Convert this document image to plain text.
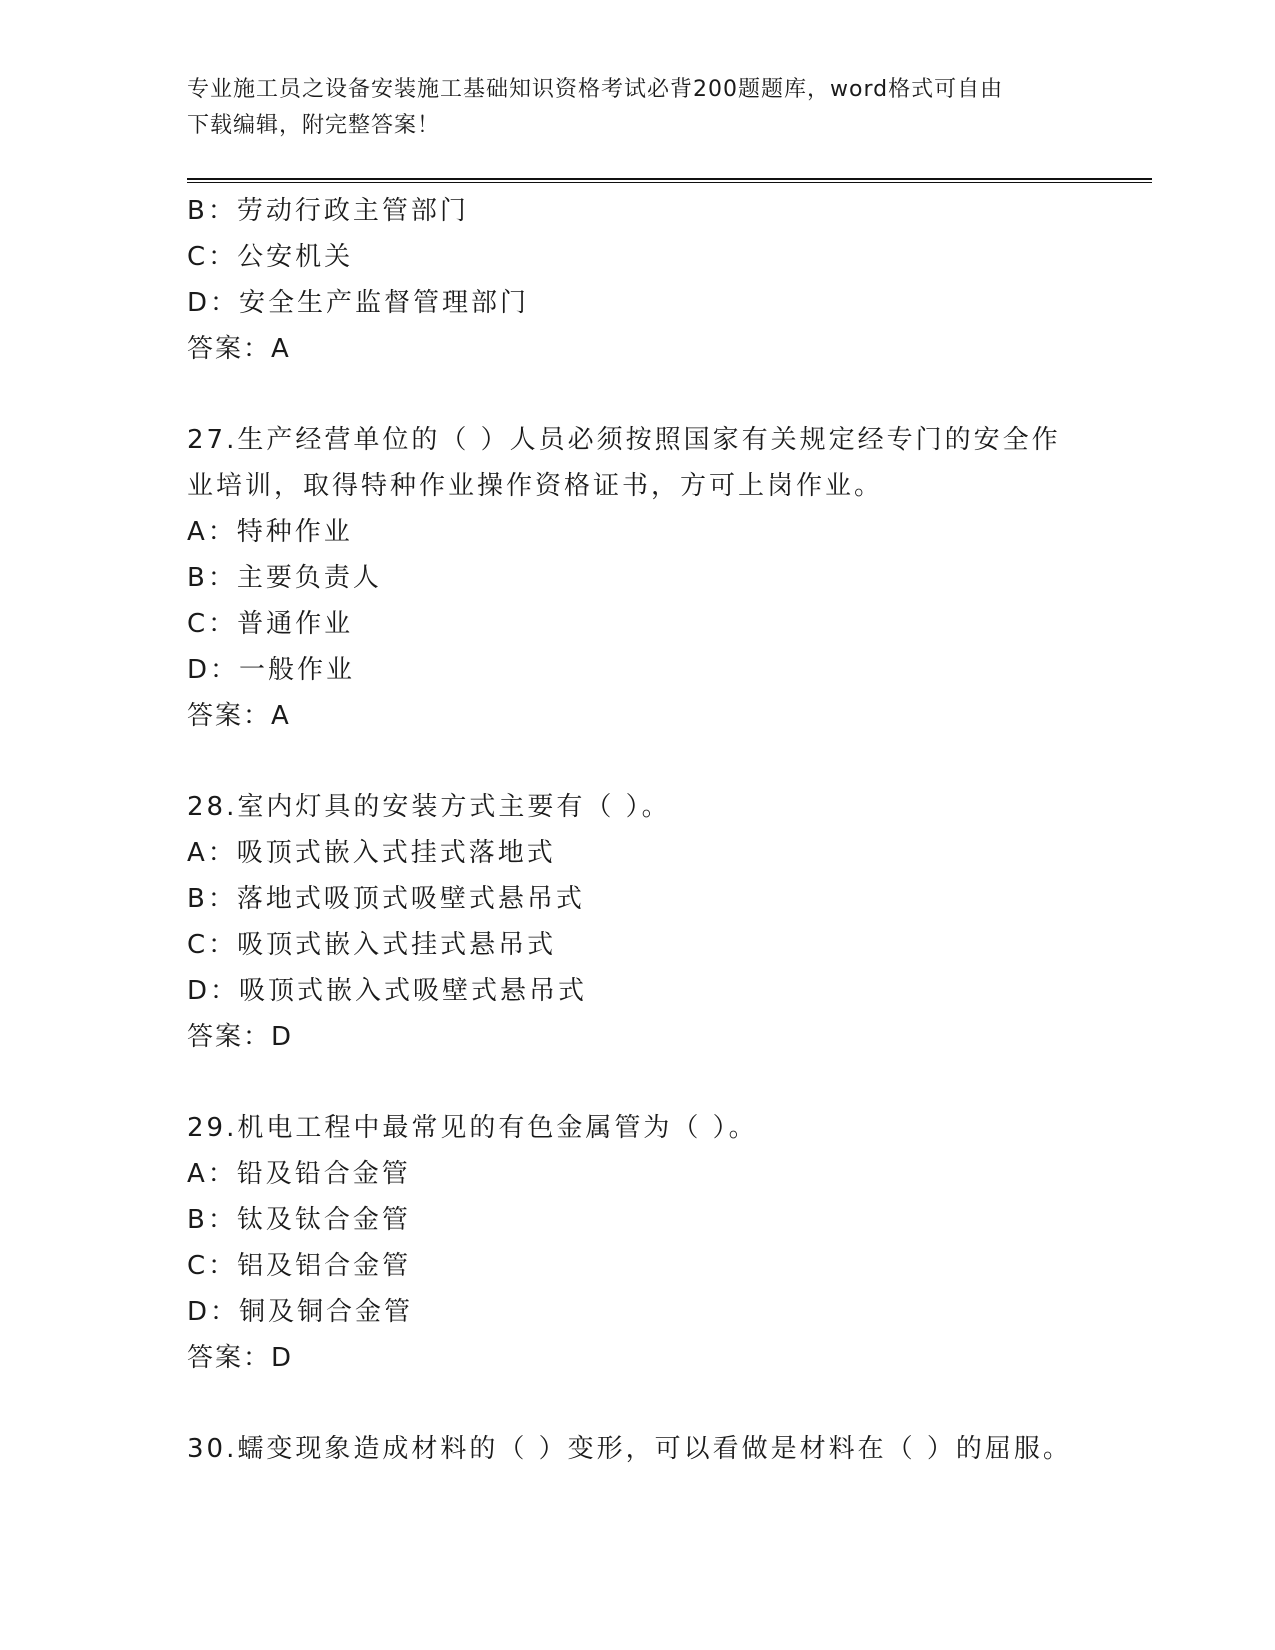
专业施工员之设备安装施工基础知识资格考试必背200题题库，word格式可自由
下载编辑，附完整答案！
B：劳动行政主管部门
C：公安机关
D：安全生产监督管理部门
答案：A
27.生产经营单位的（ ）人员必须按照国家有关规定经专门的安全作
业培训，取得特种作业操作资格证书，方可上岗作业。
A：特种作业
B：主要负责人
C：普通作业
D：一般作业
答案：A
28.室内灯具的安装方式主要有（ ）。
A：吸顶式嵌入式挂式落地式
B：落地式吸顶式吸壁式悬吊式
C：吸顶式嵌入式挂式悬吊式
D：吸顶式嵌入式吸壁式悬吊式
答案：D
29.机电工程中最常见的有色金属管为（ ）。
A：铅及铅合金管
B：钛及钛合金管
C：铝及铝合金管
D：铜及铜合金管
答案：D
30.蠕变现象造成材料的（ ）变形，可以看做是材料在（ ）的屈服。
